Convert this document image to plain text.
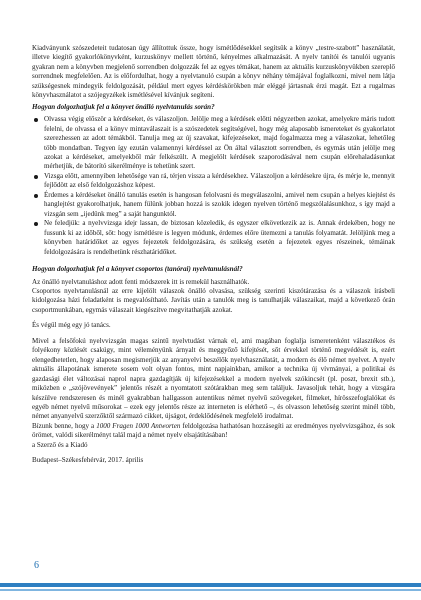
Kiadványunk szószedeteit tudatosan úgy állítottuk össze, hogy ismétlődésekkel segítsük a könyv „testre-szabott” használatát, illetve kiegítő gyakorlókönyvként, kurzuskönyv mellett történő, kényelmes alkalmazását. A nyelv tanítói és tanulói ugyanis gyakran nem a könyvben megjelenő sorrendben dolgozzák fel az egyes témákat, hanem az aktuális kurzuskönyvükben szereplő sorrendnek megfelelően. Az is előfordulhat, hogy a nyelvtanuló csupán a könyv néhány témájával foglalkozni, mivel nem látja szükségesnek mindegyik feldolgozását, például mert egyes kérdéskörökben már eléggé jártasnak érzi magát. Ezt a rugalmas könyvhasználatot a szójegyzékek ismétlésével kívánjuk segíteni.

Hogyan dolgozhatjuk fel a könyvet önálló nyelvtanulás során?

Olvassa végig először a kérdéseket, és válaszoljon. Jelölje meg a kérdések előtti négyzetben azokat, amelyekre máris tudott felelni, de olvassa el a könyv mintaválaszait is a szószedetek segítségével, hogy még alaposabb ismereteket és gyakorlatot szerezhessen az adott témákból. Tanulja meg az új szavakat, kifejezéseket, majd fogalmazza meg a válaszokat, lehetőleg több mondatban. Tegyen így ezután valamennyi kérdéssel az Ön által választott sorrendben, és egymás után jelölje meg azokat a kérdéseket, amelyekből már felkészült. A megjelölt kérdések szaporodásával nem csupán előrehaladásunkat mérhetjük, de bátorító sikerélménye is tehetünk szert.
Vizsga előtt, amennyiben lehetősége van rá, térjen vissza a kérdésekhez. Válaszoljon a kérdésekre újra, és mérje le, mennyit fejlődött az első feldolgozáshoz képest.
Érdemes a kérdéseket önálló tanulás esetén is hangosan felolvasni és megválaszolni, amivel nem csupán a helyes kiejtést és hanglejtést gyakorolhatjuk, hanem fülünk jobban hozzá is szokik idegen nyelven történő megszólalásunkhoz, s így majd a vizsgán sem „ijedünk meg” a saját hangunktól.
Ne feledjük: a nyelvvizsga idejr lassan, de biztosan közeledik, és egyszer elkövetkezik az is. Annak érdekében, hogy ne fussunk ki az időből, sőt: hogy ismétlésre is legyen módunk, érdemes előre ütemezni a tanulás folyamatát. Jelöljünk meg a könyvben határidőket az egyes fejezetek feldolgozására, és szükség esetén a fejezetek egyes részeinek, témáinak feldolgozására is rendelhetünk részhatáridőket.

Hogyan dolgozhatjuk fel a könyvet csoportos (tanórai) nyelvtanulásnál?

Az önálló nyelvtanuláshoz adott fenti módszerek itt is remekül használhatók.

Csoportos nyelvtanulásnál az erre kijelölt válaszok önálló olvasása, szükség szerinti kiszótárazása és a válaszok írásbeli kidolgozása házi feladatként is megvalósítható. Javítás után a tanulók meg is tanulhatják válaszaikat, majd a következő órán csoportmunkában, egymás válaszait kiegészítve megvitathatják azokat.

És végül még egy jó tanács.

Mivel a felsőfokú nyelvvizsgán magas szintű nyelvtudást várnak el, ami magában foglalja ismeretenként választékos és folyékony közlését csakúgy, mint véleményünk árnyalt és meggyőző kifejtését, sőt érvekkel történő megvédését is, ezért elengedhetetlen, hogy alaposan megismerjük az anyanyelvi beszélők nyelvhasználatát, a modern és élő német nyelvet. A nyelv aktuális állapotának ismerete sosem volt olyan fontos, mint napjainkban, amikor a technika új vívmányai, a politikai és gazdasági élet változásai naprol napra gazdagítják új kifejezésekkel a modern nyelvek szókincsét (pl. poszt, brexit stb.), miközben e „szójövevények” jelentős részét a nyomtatott szótárakban meg sem találjuk. Javasoljuk tehát, hogy a vizsgára készülve rendszeresen és minél gyakrabban hallgasson autentikus német nyelvű szövegeket, filmeket, hírösszefoglalókat és egyéb német nyelvű műsorokat – ezek egy jelentős része az interneten is elérhető –, és olvasson lehetőség szerint minél több, német anyanyelvű szerzőktől származó cikket, újságot, érdeklődésének megfelelő irodalmat.

Bízunk benne, hogy a 1000 Fragen 1000 Antworten feldolgozása hathatósan hozzásegíti az eredményes nyelvvizsgához, és sok örömet, valódi sikerélményt talál majd a német nyelv elsajátításában!

a Szerző és a Kiadó

Budapest–Székesfehérvár, 2017. április

6
